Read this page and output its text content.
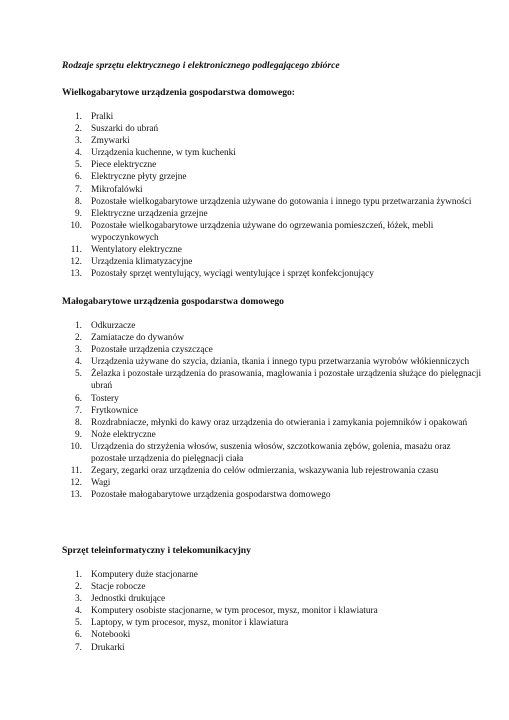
Rodzaje sprzętu elektrycznego i elektronicznego podlegającego zbiórce

Wielkogabarytowe urządzenia gospodarstwa domowego:

1. Pralki
2. Suszarki do ubrań
3. Zmywarki
4. Urządzenia kuchenne, w tym kuchenki
5. Piece elektryczne
6. Elektryczne płyty grzejne
7. Mikrofalówki
8. Pozostałe wielkogabarytowe urządzenia używane do gotowania i innego typu przetwarzania żywności
9. Elektryczne urządzenia grzejne
10. Pozostałe wielkogabarytowe urządzenia używane do ogrzewania pomieszczeń, łóżek, mebli wypoczynkowych
11. Wentylatory elektryczne
12. Urządzenia klimatyzacyjne
13. Pozostały sprzęt wentylujący, wyciągi wentylujące i sprzęt konfekcjonujący

Małogabarytowe urządzenia gospodarstwa domowego

1. Odkurzacze
2. Zamiatacze do dywanów
3. Pozostałe urządzenia czyszczące
4. Urządzenia używane do szycia, dziania, tkania i innego typu przetwarzania wyrobów włókienniczych
5. Żelazka i pozostałe urządzenia do prasowania, maglowania i pozostałe urządzenia służące do pielęgnacji ubrań
6. Tostery
7. Frytkownice
8. Rozdrabniacze, młynki do kawy oraz urządzenia do otwierania i zamykania pojemników i opakowań
9. Noże elektryczne
10. Urządzenia do strzyżenia włosów, suszenia włosów, szczotkowania zębów, golenia, masażu oraz pozostałe urządzenia do pielęgnacji ciała
11. Zegary, zegarki oraz urządzenia do celów odmierzania, wskazywania lub rejestrowania czasu
12. Wagi
13. Pozostałe małogabarytowe urządzenia gospodarstwa domowego

Sprzęt teleinformatyczny i telekomunikacyjny

1. Komputery duże stacjonarne
2. Stacje robocze
3. Jednostki drukujące
4. Komputery osobiste stacjonarne, w tym procesor, mysz, monitor i klawiatura
5. Laptopy, w tym procesor, mysz, monitor i klawiatura
6. Notebooki
7. Drukarki
